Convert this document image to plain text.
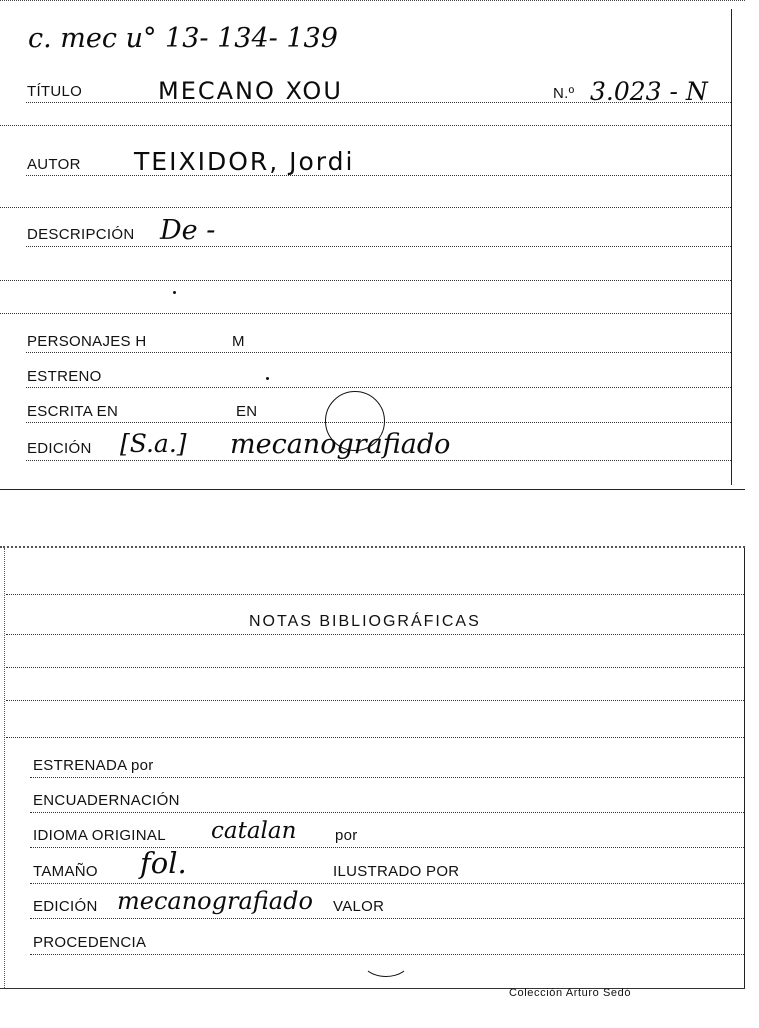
c. mec u° 13- 134- 139
TÍTULO	MECANO XOU	N.º 3.023 - N
AUTOR TEIXIDOR, Jordi
DESCRIPCIÓN De -
PERSONAJES H	M
ESTRENO
ESCRITA EN	EN
EDICIÓN [S.a.] mecanografiado
NOTAS BIBLIOGRÁFICAS
ESTRENADA por
ENCUADERNACIÓN
IDIOMA ORIGINAL catalan	por
TAMAÑO fol.	ILUSTRADO POR
EDICIÓN mecanografiado VALOR
PROCEDENCIA
Colección Arturo Sedó
